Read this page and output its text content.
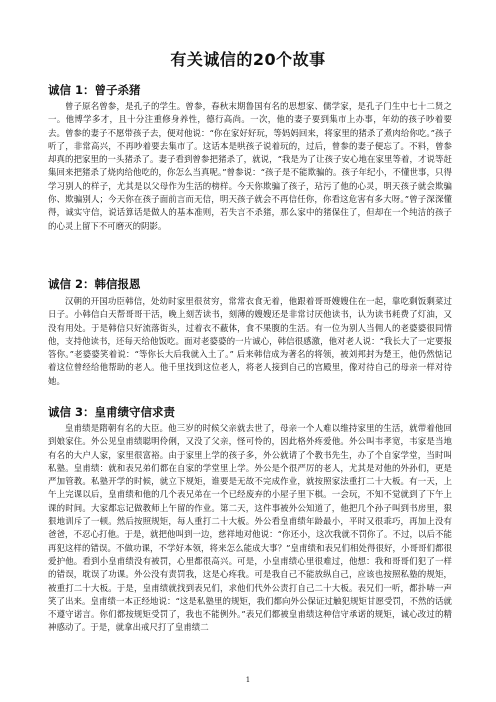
有关诚信的20个故事
诚信 1：曾子杀猪

曾子原名曾参，是孔子的学生。曾参，春秋末期鲁国有名的思想家、儒学家，是孔子门生中七十二贤之一。他博学多才，且十分注重修身养性，德行高尚。一次，他的妻子要到集市上办事，年幼的孩子吵着要去。曾参的妻子不愿带孩子去，便对他说：“你在家好好玩，等妈妈回来，将家里的猪杀了煮肉给你吃。”孩子听了，非常高兴，不再吵着要去集市了。这话本是哄孩子说着玩的，过后，曾参的妻子便忘了。不料，曾参却真的把家里的一头猪杀了。妻子看到曾参把猪杀了，就说，“我是为了让孩子安心地在家里等着，才说等赶集回来把猪杀了烧肉给他吃的，你怎么当真呢。”曾参说：“孩子是不能欺骗的。孩子年纪小，不懂世事，只得学习别人的样子，尤其是以父母作为生活的榜样。今天你欺骗了孩子，玷污了他的心灵，明天孩子就会欺骗你、欺骗别人；今天你在孩子面前言而无信，明天孩子就会不再信任你，你看这危害有多大呀。”曾子深深懂得，诚实守信，说话算话是做人的基本准则，若失言不杀猪，那么家中的猪保住了，但却在一个纯洁的孩子的心灵上留下不可磨灭的阴影。

诚信 2：韩信报恩

汉朝的开国功臣韩信，处幼时家里很贫穷，常常衣食无着，他跟着哥哥嫂嫂住在一起，靠吃剩饭剩菜过日子。小韩信白天帮哥哥干活，晚上刻苦读书，刻薄的嫂嫂还是非常讨厌他读书，认为读书耗费了灯油，又没有用处。于是韩信只好流落街头，过着衣不蔽体，食不果腹的生活。有一位为别人当佣人的老婆婆很同情他，支持他读书，还每天给他饭吃。面对老婆婆的一片诚心，韩信很感激，他对老人说：“我长大了一定要报答你。”老婆婆笑着说：“等你长大后我就入土了。” 后来韩信成为著名的将领，被刘邦封为楚王，他仍然惦记着这位曾经给他帮助的老人。他千里找到这位老人，将老人接到自己的宫殿里，像对待自己的母亲一样对待她。

诚信 3：皇甫绩守信求责

皇甫绩是隋朝有名的大臣。他三岁的时候父亲就去世了，母亲一个人难以维持家里的生活，就带着他回到娘家住。外公见皇甫绩聪明伶俐，又没了父亲，怪可怜的，因此格外疼爱他。外公叫韦孝宽，韦家是当地有名的大户人家，家里很富裕。由于家里上学的孩子多，外公就请了个教书先生，办了个自家学堂，当时叫私塾。皇甫绩：就和表兄弟们都在自家的学堂里上学。外公是个很严厉的老人，尤其是对他的外孙们，更是严加管教。私塾开学的时候，就立下规矩，谁要是无故不完成作业，就按照家法重打二十大板。有一天，上午上完课以后，皇甫绩和他的几个表兄弟在一个已经废弃的小屋子里下棋。一会玩，不知不觉就到了下午上课的时间。大家都忘记做教师上午留的作业。第二天，这件事被外公知道了，他把几个孙子叫到书房里，狠狠地训斥了一顿。然后按照规矩，每人重打二十大板。外公看皇甫绩年龄最小，平时又很乖巧，再加上没有爸爸，不忍心打他。于是，就把他叫到一边，慈祥地对他说：“你还小，这次我就不罚你了。不过，以后不能再犯这样的错误。不做功课，不学好本领，将来怎么能成大事？”皇甫绩和表兄们相处得很好，小哥哥们都很爱护他。看到小皇甫绩没有被罚，心里都很高兴。可是，小皇甫绩心里很难过，他想：我和哥哥们犯了一样的错误，耽误了功课。外公没有责罚我，这是心疼我。可是我自己不能放纵自己，应该也按照私塾的规矩，被重打二十大板。于是，皇甫绩就找到表兄们，求他们代外公责打自己二十大板。表兄们一听，都扑哧一声笑了出来。皇甫绩一本正经地说：“这是私塾里的规矩，我们都向外公保证过触犯规矩甘愿受罚，不然的话就不遵守诺言。你们都按规矩受罚了，我也不能例外。”表兄们都被皇甫绩这种信守承诺的规矩，诚心改过的精神感动了。于是，就拿出戒尺打了皇甫绩二

1
